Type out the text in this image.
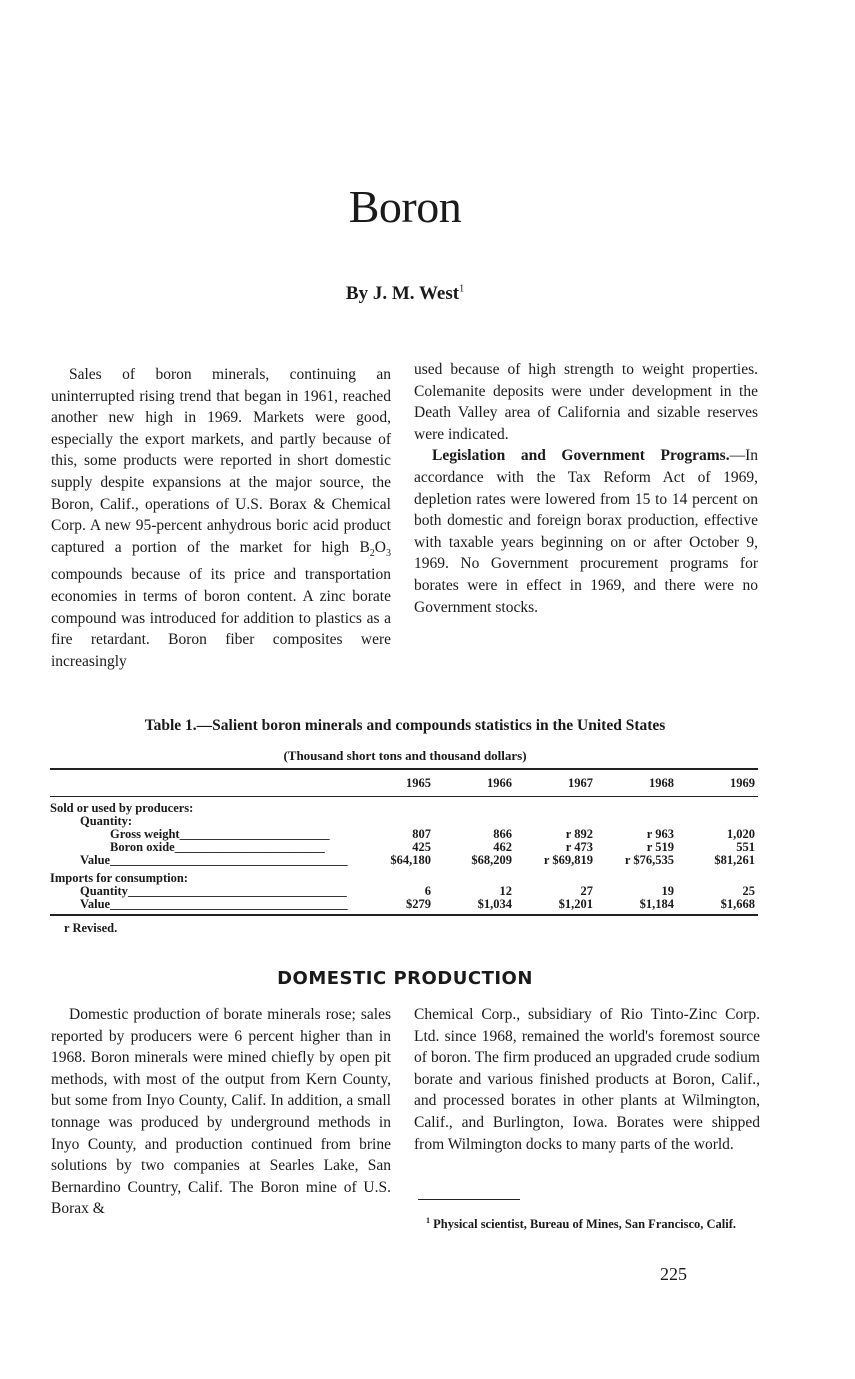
Boron
By J. M. West$^1$

Sales of boron minerals, continuing an uninterrupted rising trend that began in 1961, reached another new high in 1969. Markets were good, especially the export markets, and partly because of this, some products were reported in short domestic supply despite expansions at the major source, the Boron, Calif., operations of U.S. Borax & Chemical Corp. A new 95-percent anhydrous boric acid product captured a portion of the market for high $B_2O_3$ compounds because of its price and transportation economies in terms of boron content. A zinc borate compound was introduced for addition to plastics as a fire retardant. Boron fiber composites were increasingly

used because of high strength to weight properties. Colemanite deposits were under development in the Death Valley area of California and sizable reserves were indicated.

Legislation and Government Programs.—In accordance with the Tax Reform Act of 1969, depletion rates were lowered from 15 to 14 percent on both domestic and foreign borax production, effective with taxable years beginning on or after October 9, 1969. No Government procurement programs for borates were in effect in 1969, and there were no Government stocks.

Table 1.—Salient boron minerals and compounds statistics in the United States
(Thousand short tons and thousand dollars)
1965	1966	1967	1968	1969
Sold or used by producers:
Quantity:
Gross weight________________________	807	866	r 892	r 963	1,020
Boron oxide________________________	425	462	r 473	r 519	551
Value______________________________________	$64,180	$68,209	r $69,819	r $76,535	$81,261
Imports for consumption:
Quantity___________________________________	6	12	27	19	25
Value______________________________________	$279	$1,034	$1,201	$1,184	$1,668
r Revised.
DOMESTIC PRODUCTION

Domestic production of borate minerals rose; sales reported by producers were 6 percent higher than in 1968. Boron minerals were mined chiefly by open pit methods, with most of the output from Kern County, but some from Inyo County, Calif. In addition, a small tonnage was produced by underground methods in Inyo County, and production continued from brine solutions by two companies at Searles Lake, San Bernardino Country, Calif. The Boron mine of U.S. Borax &

Chemical Corp., subsidiary of Rio Tinto-Zinc Corp. Ltd. since 1968, remained the world's foremost source of boron. The firm produced an upgraded crude sodium borate and various finished products at Boron, Calif., and processed borates in other plants at Wilmington, Calif., and Burlington, Iowa. Borates were shipped from Wilmington docks to many parts of the world.

$^1$ Physical scientist, Bureau of Mines, San Francisco, Calif.
225
